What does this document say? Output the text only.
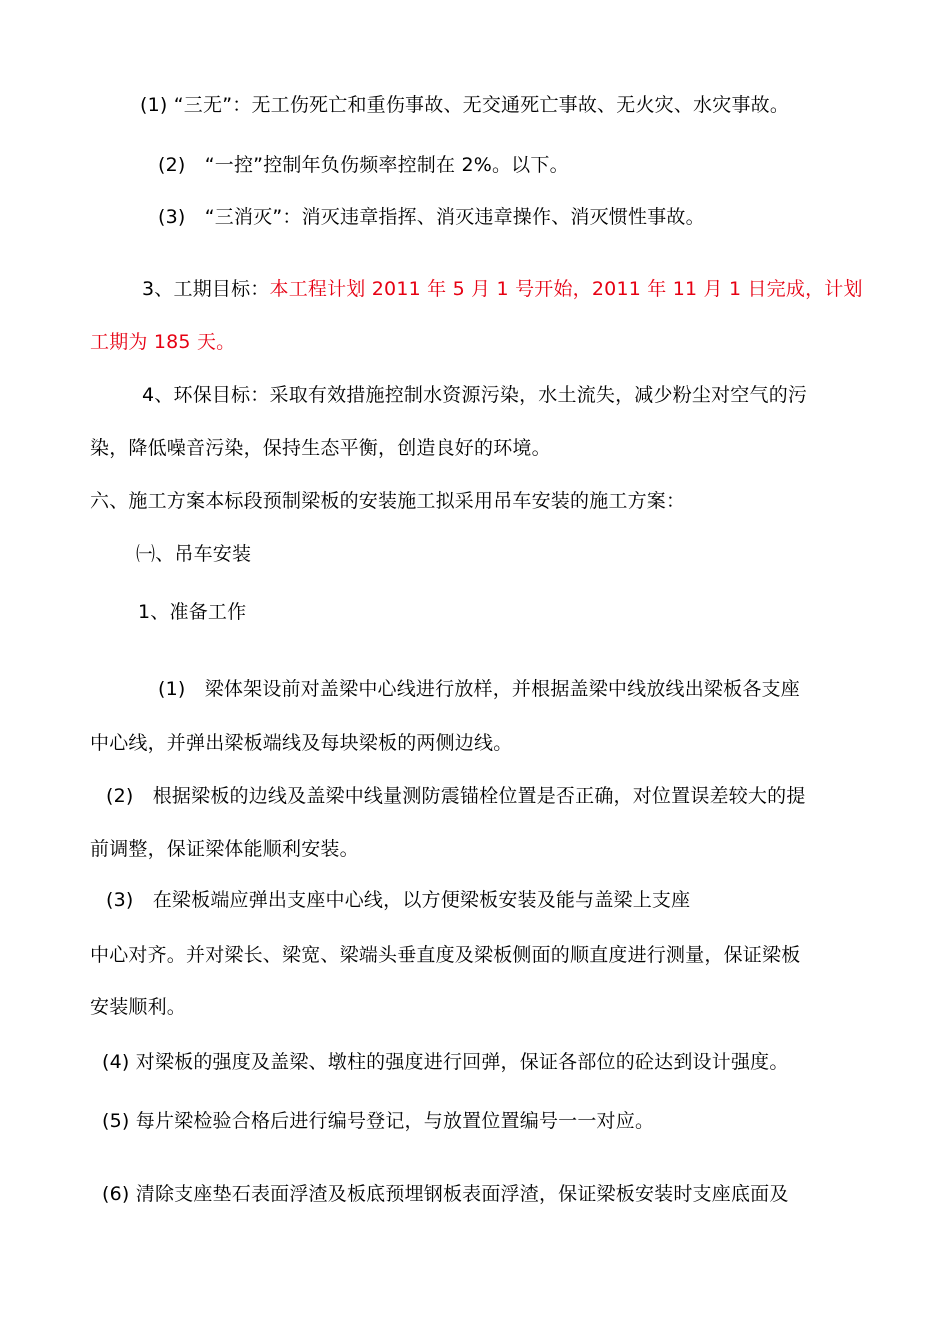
(1) “三无”：无工伤死亡和重伤事故、无交通死亡事故、无火灾、水灾事故。
(2)　“一控”控制年负伤频率控制在 2%。以下。
(3)　“三消灭”：消灭违章指挥、消灭违章操作、消灭惯性事故。
3、工期目标：本工程计划 2011 年 5 月 1 号开始，2011 年 11 月 1 日完成，计划
工期为 185 天。
4、环保目标：采取有效措施控制水资源污染，水土流失，减少粉尘对空气的污
染，降低噪音污染，保持生态平衡，创造良好的环境。
六、施工方案本标段预制梁板的安装施工拟采用吊车安装的施工方案：
㈠、吊车安装
1、准备工作
(1)　梁体架设前对盖梁中心线进行放样，并根据盖梁中线放线出梁板各支座
中心线，并弹出梁板端线及每块梁板的两侧边线。
(2)　根据梁板的边线及盖梁中线量测防震锚栓位置是否正确，对位置误差较大的提
前调整，保证梁体能顺利安装。
(3)　在梁板端应弹出支座中心线，以方便梁板安装及能与盖梁上支座
中心对齐。并对梁长、梁宽、梁端头垂直度及梁板侧面的顺直度进行测量，保证梁板
安装顺利。
(4) 对梁板的强度及盖梁、墩柱的强度进行回弹，保证各部位的砼达到设计强度。
(5) 每片梁检验合格后进行编号登记，与放置位置编号一一对应。
(6) 清除支座垫石表面浮渣及板底预埋钢板表面浮渣，保证梁板安装时支座底面及
